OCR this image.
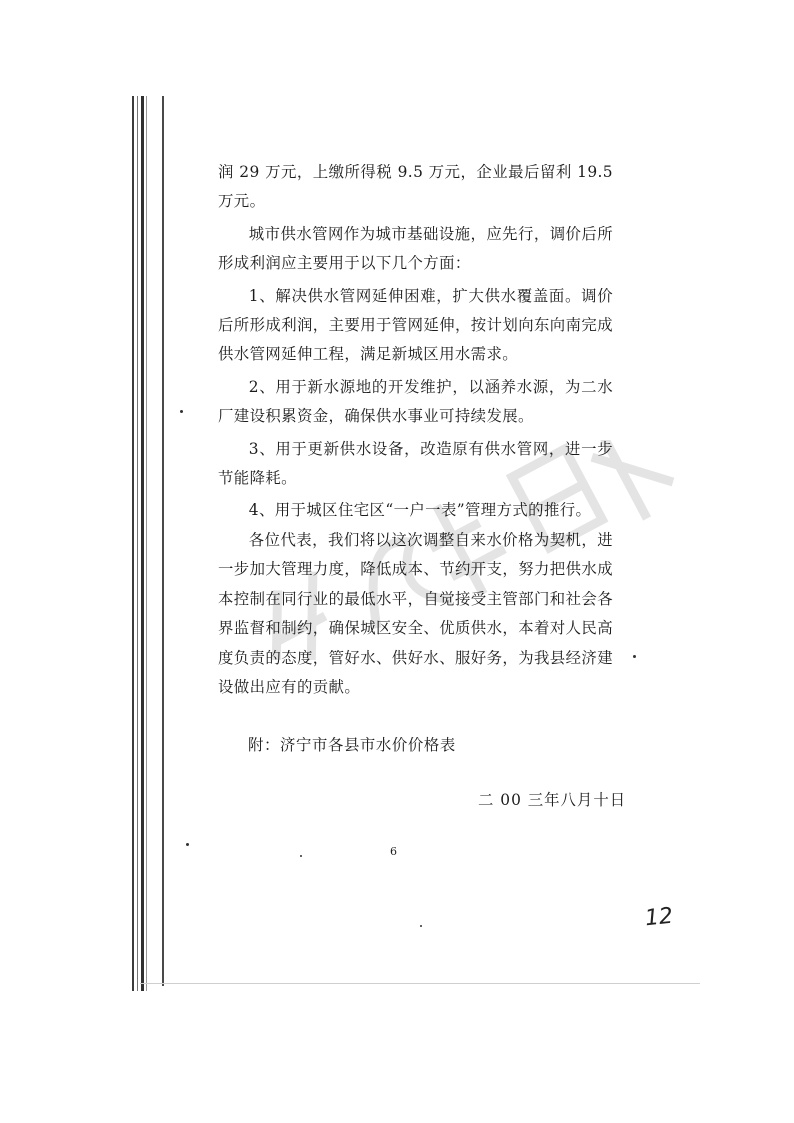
润 29 万元，上缴所得税 9.5 万元，企业最后留利 19.5 万元。

城市供水管网作为城市基础设施，应先行，调价后所形成利润应主要用于以下几个方面：

1、解决供水管网延伸困难，扩大供水覆盖面。调价后所形成利润，主要用于管网延伸，按计划向东向南完成供水管网延伸工程，满足新城区用水需求。

2、用于新水源地的开发维护，以涵养水源，为二水厂建设积累资金，确保供水事业可持续发展。

3、用于更新供水设备，改造原有供水管网，进一步节能降耗。

4、用于城区住宅区“一户一表”管理方式的推行。

各位代表，我们将以这次调整自来水价格为契机，进一步加大管理力度，降低成本、节约开支，努力把供水成本控制在同行业的最低水平，自觉接受主管部门和社会各界监督和制约，确保城区安全、优质供水，本着对人民高度负责的态度，管好水、供好水、服好务，为我县经济建设做出应有的贡献。

附：济宁市各县市水价价格表
二 00 三年八月十日
6
12
